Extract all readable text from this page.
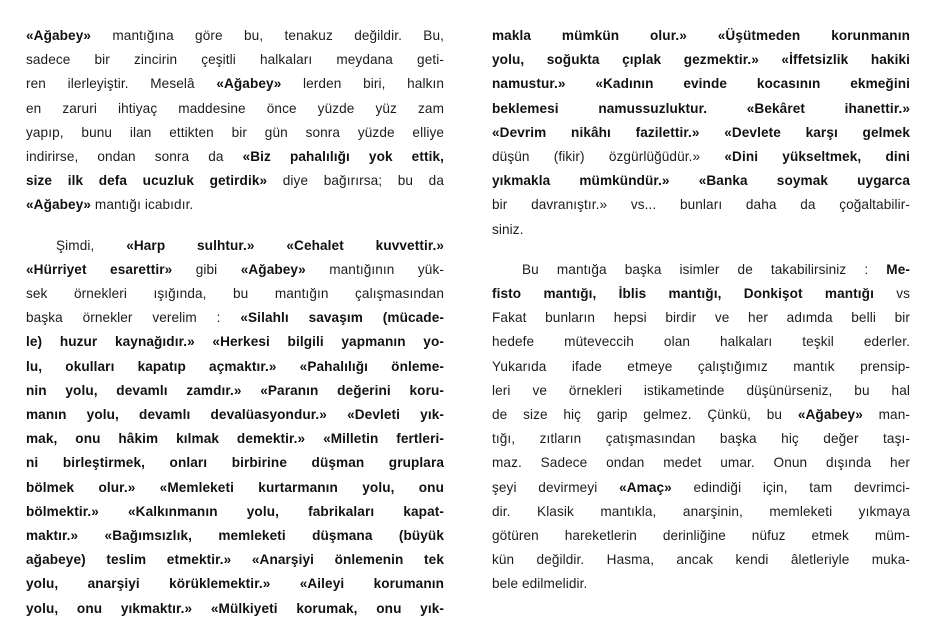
«Ağabey» mantığına göre bu, tenakuz değildir. Bu,
sadece bir zincirin çeşitli halkaları meydana geti-
ren ilerleyiştir. Meselâ «Ağabey» lerden biri, halkın
en zaruri ihtiyaç maddesine önce yüzde yüz zam
yapıp, bunu ilan ettikten bir gün sonra yüzde elliye
indirirse, ondan sonra da «Biz pahalılığı yok ettik,
size ilk defa ucuzluk getirdik» diye bağırırsa; bu da
«Ağabey» mantığı icabıdır.
Şimdi, «Harp sulhtur.» «Cehalet kuvvettir.»
«Hürriyet esarettir» gibi «Ağabey» mantığının yük-
sek örnekleri ışığında, bu mantığın çalışmasından
başka örnekler verelim : «Silahlı savaşım (mücade-
le) huzur kaynağıdır.» «Herkesi bilgili yapmanın yo-
lu, okulları kapatıp açmaktır.» «Pahalılığı önleme-
nin yolu, devamlı zamdır.» «Paranın değerini koru-
manın yolu, devamlı devalüasyondur.» «Devleti yık-
mak, onu hâkim kılmak demektir.» «Milletin fertleri-
ni birleştirmek, onları birbirine düşman gruplara
bölmek olur.» «Memleketi kurtarmanın yolu, onu
bölmektir.» «Kalkınmanın yolu, fabrikaları kapat-
maktır.» «Bağımsızlık, memleketi düşmana (büyük
ağabeye) teslim etmektir.» «Anarşiyi önlemenin tek
yolu, anarşiyi körüklemektir.» «Aileyi korumanın
yolu, onu yıkmaktır.» «Mülkiyeti korumak, onu yık-
makla mümkün olur.» «Üşütmeden korunmanın
yolu, soğukta çıplak gezmektir.» «İffetsizlik hakiki
namustur.» «Kadının evinde kocasının ekmeğini
beklemesi namussuzluktur. «Bekâret ihanettir.»
«Devrim nikâhı fazilettir.» «Devlete karşı gelmek
düşün (fikir) özgürlüğüdür.» «Dini yükseltmek, dini
yıkmakla mümkündür.» «Banka soymak uygarca
bir davranıştır.» vs... bunları daha da çoğaltabilir-
siniz.
Bu mantığa başka isimler de takabilirsiniz : Me-
fisto mantığı, İblis mantığı, Donkişot mantığı vs
Fakat bunların hepsi birdir ve her adımda belli bir
hedefe müteveccih olan halkaları teşkil ederler.
Yukarıda ifade etmeye çalıştığımız mantık prensip-
leri ve örnekleri istikametinde düşünürseniz, bu hal
de size hiç garip gelmez. Çünkü, bu «Ağabey» man-
tığı, zıtların çatışmasından başka hiç değer taşı-
maz. Sadece ondan medet umar. Onun dışında her
şeyi devirmeyi «Amaç» edindiği için, tam devrimci-
dir. Klasik mantıkla, anarşinin, memleketi yıkmaya
götüren hareketlerin derinliğine nüfuz etmek müm-
kün değildir. Hasma, ancak kendi âletleriyle muka-
bele edilmelidir.
